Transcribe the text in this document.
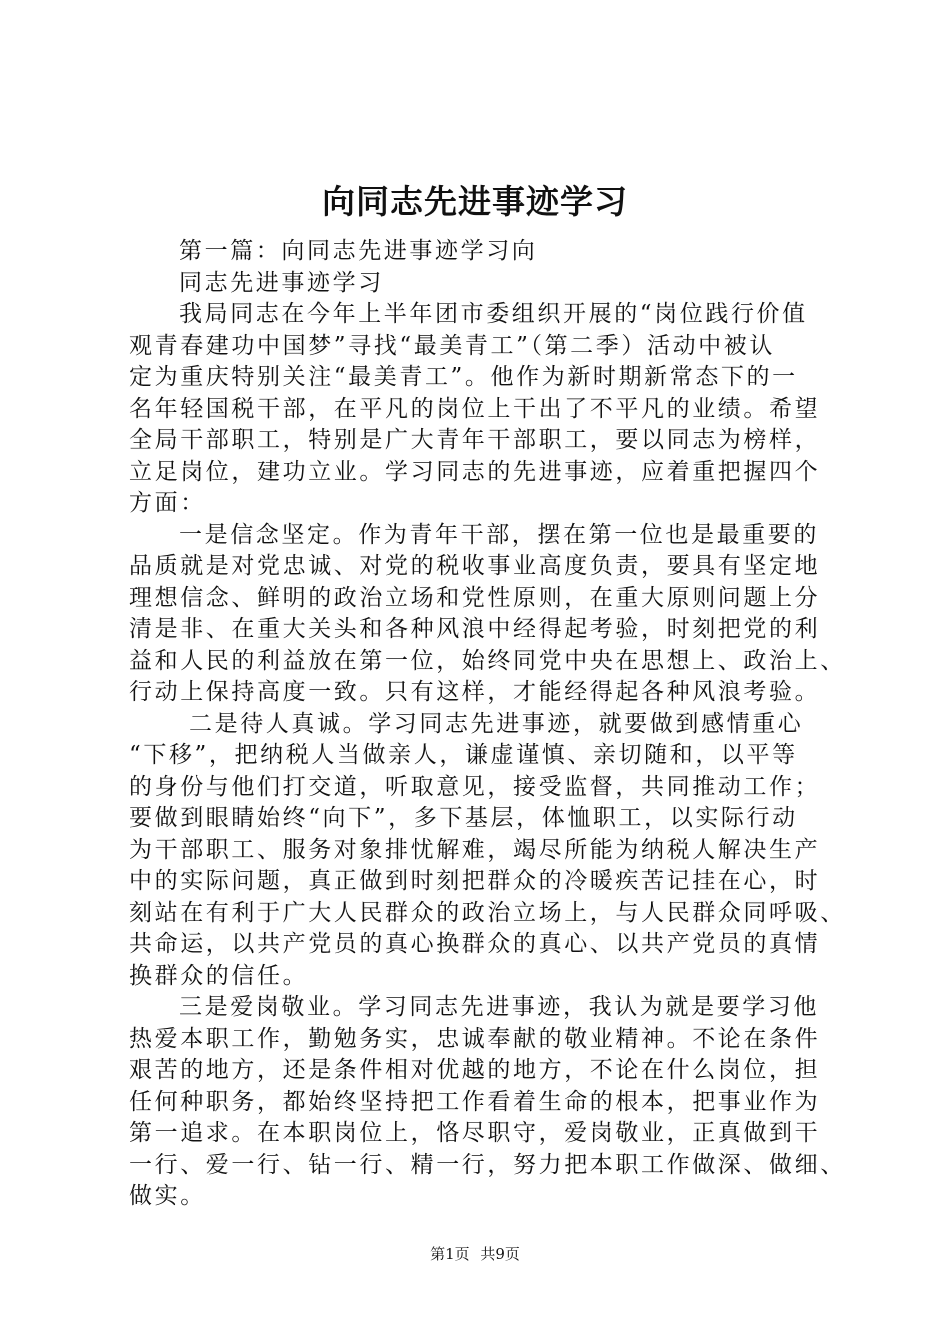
向同志先进事迹学习
第一篇：向同志先进事迹学习向
同志先进事迹学习
我局同志在今年上半年团市委组织开展的“岗位践行价值
观青春建功中国梦”寻找“最美青工”（第二季）活动中被认
定为重庆特别关注“最美青工”。他作为新时期新常态下的一
名年轻国税干部，在平凡的岗位上干出了不平凡的业绩。希望
全局干部职工，特别是广大青年干部职工，要以同志为榜样，
立足岗位，建功立业。学习同志的先进事迹，应着重把握四个
方面：
一是信念坚定。作为青年干部，摆在第一位也是最重要的
品质就是对党忠诚、对党的税收事业高度负责，要具有坚定地
理想信念、鲜明的政治立场和党性原则，在重大原则问题上分
清是非、在重大关头和各种风浪中经得起考验，时刻把党的利
益和人民的利益放在第一位，始终同党中央在思想上、政治上、
行动上保持高度一致。只有这样，才能经得起各种风浪考验。
二是待人真诚。学习同志先进事迹，就要做到感情重心
“下移”，把纳税人当做亲人，谦虚谨慎、亲切随和，以平等
的身份与他们打交道，听取意见，接受监督，共同推动工作；
要做到眼睛始终“向下”，多下基层，体恤职工，以实际行动
为干部职工、服务对象排忧解难，竭尽所能为纳税人解决生产
中的实际问题，真正做到时刻把群众的冷暖疾苦记挂在心，时
刻站在有利于广大人民群众的政治立场上，与人民群众同呼吸、
共命运，以共产党员的真心换群众的真心、以共产党员的真情
换群众的信任。
三是爱岗敬业。学习同志先进事迹，我认为就是要学习他
热爱本职工作，勤勉务实，忠诚奉献的敬业精神。不论在条件
艰苦的地方，还是条件相对优越的地方，不论在什么岗位，担
任何种职务，都始终坚持把工作看着生命的根本，把事业作为
第一追求。在本职岗位上，恪尽职守，爱岗敬业，正真做到干
一行、爱一行、钻一行、精一行，努力把本职工作做深、做细、
做实。
第1页 共9页
